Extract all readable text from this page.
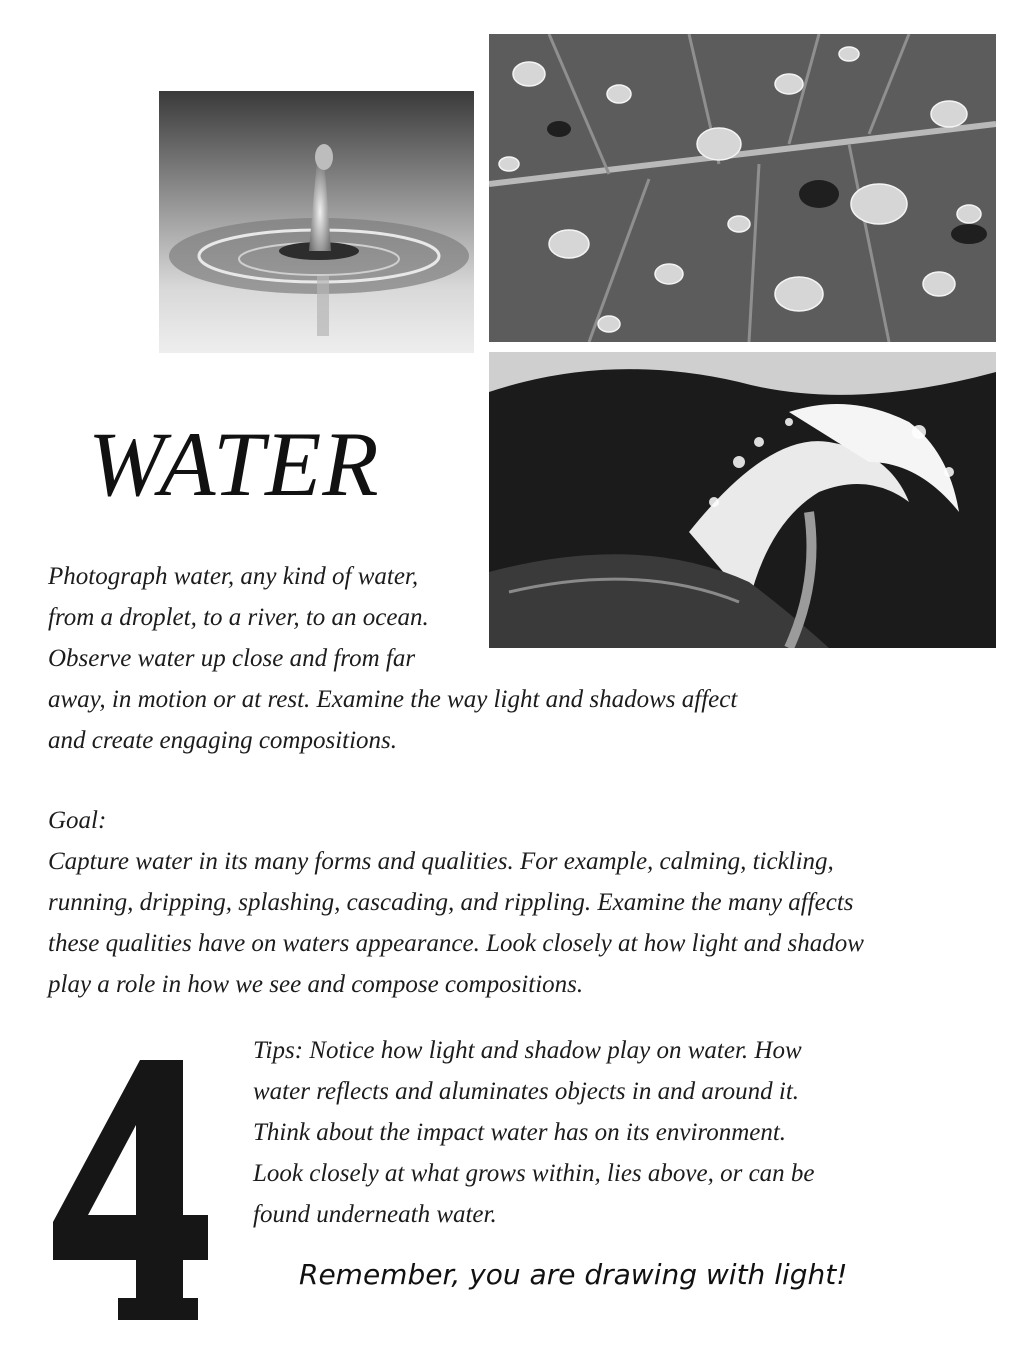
WATER
Photograph water, any kind of water,
from a droplet, to a river, to an ocean.
Observe water up close and from far
away, in motion or at rest. Examine the way light and shadows affect
and create engaging compositions.
Goal:
Capture water in its many forms and qualities. For example, calming, tickling,
running, dripping, splashing, cascading, and rippling. Examine the many affects
these qualities have on waters appearance. Look closely at how light and shadow
play a role in how we see and compose compositions.
4
Tips: Notice how light and shadow play on water. How
water reflects and aluminates objects in and around it.
Think about the impact water has on its environment.
Look closely at what grows within, lies above, or can be
found underneath water.
Remember, you are drawing with light!
